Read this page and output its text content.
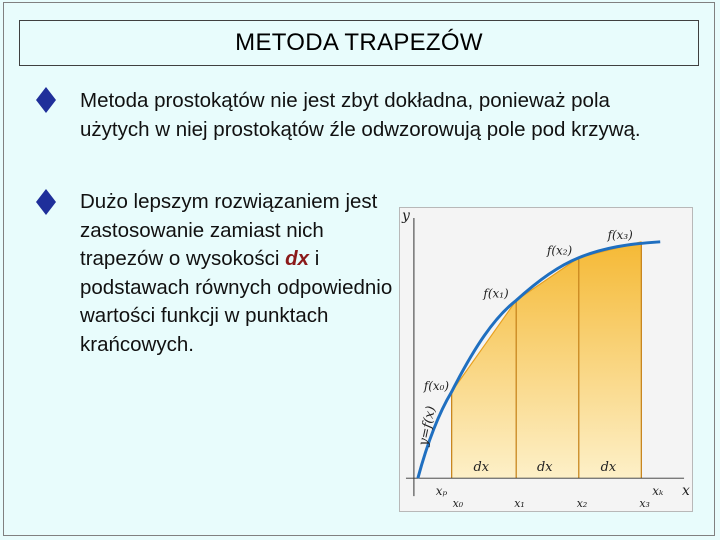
METODA TRAPEZÓW

Metoda prostokątów nie jest zbyt dokładna, ponieważ pola użytych w niej prostokątów źle odwzorowują pole pod krzywą.

Dużo lepszym rozwiązaniem jest zastosowanie zamiast nich trapezów o wysokości dx i podstawach równych odpowiednio wartości funkcji w punktach krańcowych.

y
x
y=f(x)
f(x₀)
f(x₁)
f(x₂)
f(x₃)
dx	dx	dx
xₚ	xₖ
x₀	x₁	x₂	x₃
